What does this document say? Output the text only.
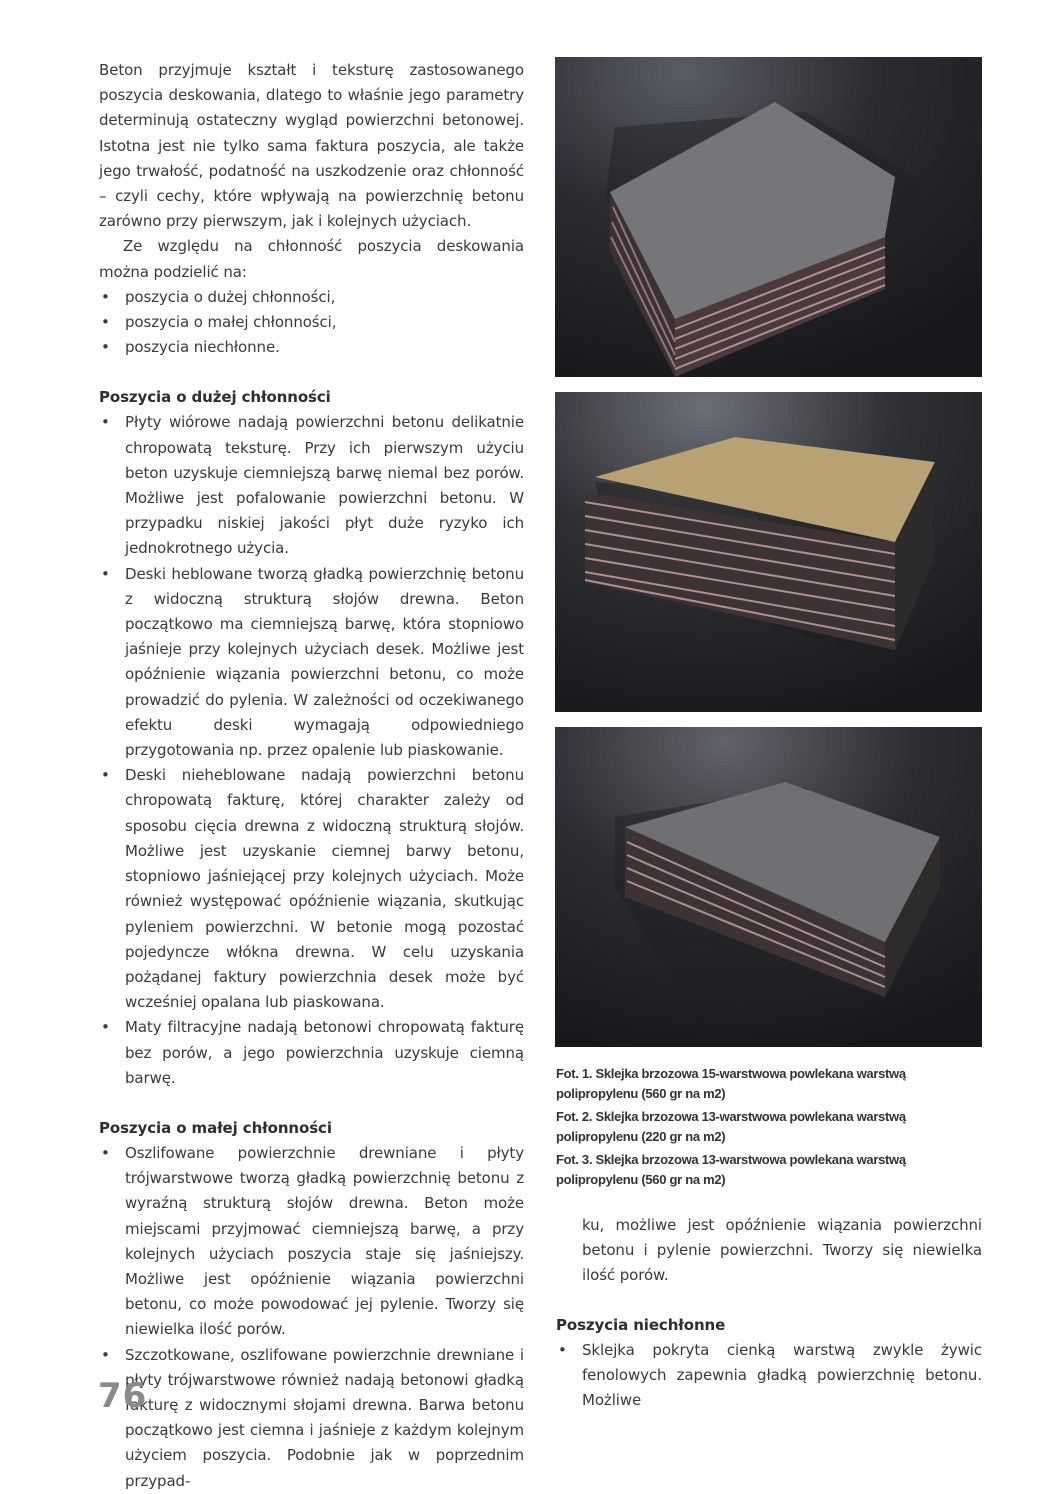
Beton przyjmuje kształt i teksturę zastosowanego poszycia deskowania, dlatego to właśnie jego parametry determinują ostateczny wygląd powierzchni betonowej. Istotna jest nie tylko sama faktura poszycia, ale także jego trwałość, podatność na uszkodzenie oraz chłonność – czyli cechy, które wpływają na powierzchnię betonu zarówno przy pierwszym, jak i kolejnych użyciach.

Ze względu na chłonność poszycia deskowania można podzielić na:

• poszycia o dużej chłonności,
• poszycia o małej chłonności,
• poszycia niechłonne.
Poszycia o dużej chłonności
• Płyty wiórowe nadają powierzchni betonu delikatnie chropowatą teksturę. Przy ich pierwszym użyciu beton uzyskuje ciemniejszą barwę niemal bez porów. Możliwe jest pofalowanie powierzchni betonu. W przypadku niskiej jakości płyt duże ryzyko ich jednokrotnego użycia.
• Deski heblowane tworzą gładką powierzchnię betonu z widoczną strukturą słojów drewna. Beton początkowo ma ciemniejszą barwę, która stopniowo jaśnieje przy kolejnych użyciach desek. Możliwe jest opóźnienie wiązania powierzchni betonu, co może prowadzić do pylenia. W zależności od oczekiwanego efektu deski wymagają odpowiedniego przygotowania np. przez opalenie lub piaskowanie.
• Deski nieheblowane nadają powierzchni betonu chropowatą fakturę, której charakter zależy od sposobu cięcia drewna z widoczną strukturą słojów. Możliwe jest uzyskanie ciemnej barwy betonu, stopniowo jaśniejącej przy kolejnych użyciach. Może również występować opóźnienie wiązania, skutkując pyleniem powierzchni. W betonie mogą pozostać pojedyncze włókna drewna. W celu uzyskania pożądanej faktury powierzchnia desek może być wcześniej opalana lub piaskowana.
• Maty filtracyjne nadają betonowi chropowatą fakturę bez porów, a jego powierzchnia uzyskuje ciemną barwę.
Poszycia o małej chłonności
• Oszlifowane powierzchnie drewniane i płyty trójwarstwowe tworzą gładką powierzchnię betonu z wyraźną strukturą słojów drewna. Beton może miejscami przyjmować ciemniejszą barwę, a przy kolejnych użyciach poszycia staje się jaśniejszy. Możliwe jest opóźnienie wiązania powierzchni betonu, co może powodować jej pylenie. Tworzy się niewielka ilość porów.
• Szczotkowane, oszlifowane powierzchnie drewniane i płyty trójwarstwowe również nadają betonowi gładką fakturę z widocznymi słojami drewna. Barwa betonu początkowo jest ciemna i jaśnieje z każdym kolejnym użyciem poszycia. Podobnie jak w poprzednim przypad-
Fot. 1. Sklejka brzozowa 15-warstwowa powlekana warstwą polipropylenu (560 gr na m2)
Fot. 2. Sklejka brzozowa 13-warstwowa powlekana warstwą polipropylenu (220 gr na m2)
Fot. 3. Sklejka brzozowa 13-warstwowa powlekana warstwą polipropylenu (560 gr na m2)

ku, możliwe jest opóźnienie wiązania powierzchni betonu i pylenie powierzchni. Tworzy się niewielka ilość porów.

Poszycia niechłonne
• Sklejka pokryta cienką warstwą zwykle żywic fenolowych zapewnia gładką powierzchnię betonu. Możliwe
76
